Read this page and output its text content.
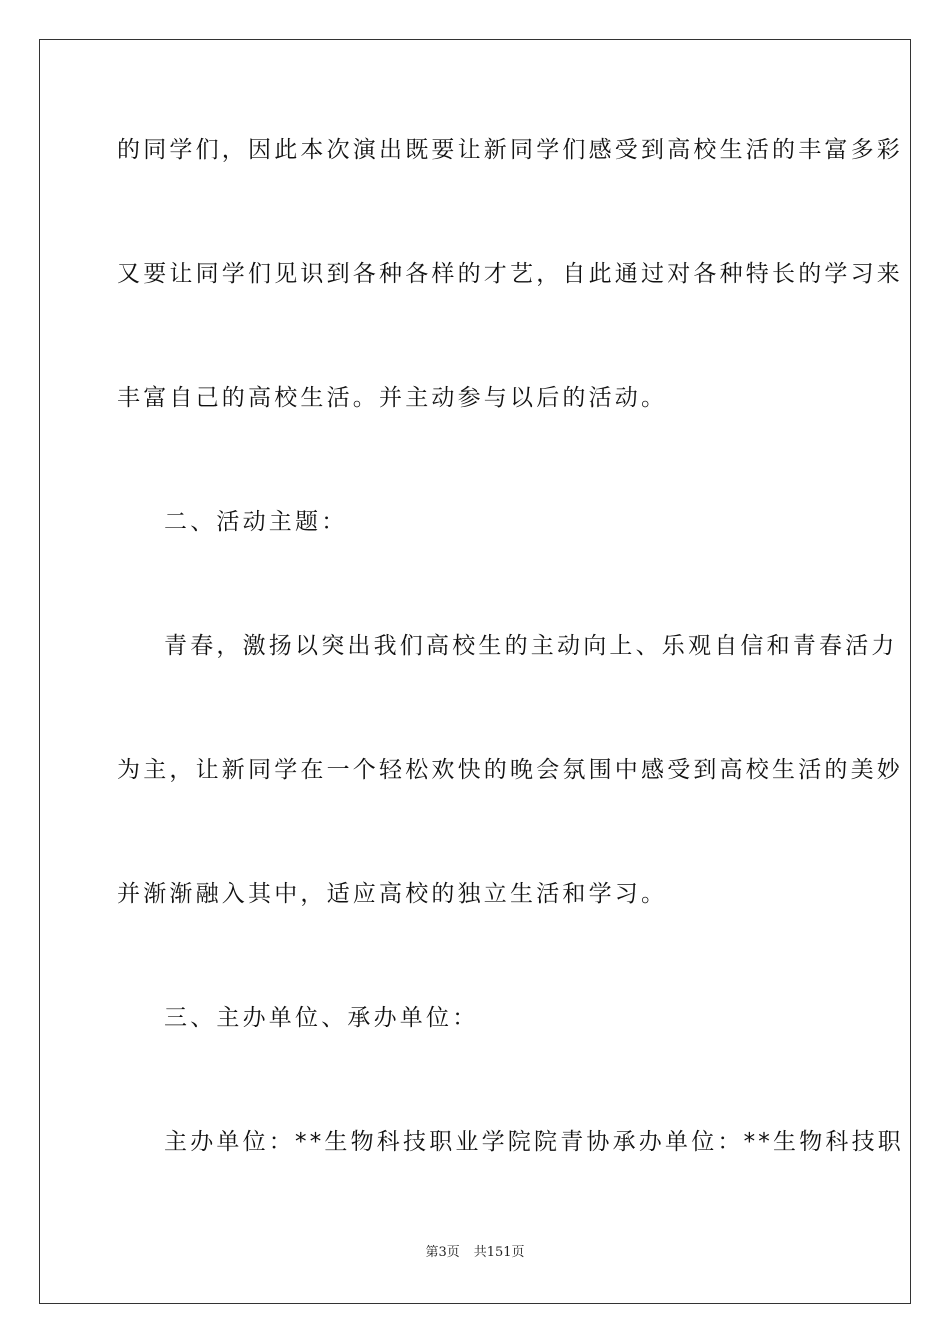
的同学们，因此本次演出既要让新同学们感受到高校生活的丰富多彩
又要让同学们见识到各种各样的才艺，自此通过对各种特长的学习来
丰富自己的高校生活。并主动参与以后的活动。
二、活动主题：
青春，激扬以突出我们高校生的主动向上、乐观自信和青春活力
为主，让新同学在一个轻松欢快的晚会氛围中感受到高校生活的美妙
并渐渐融入其中，适应高校的独立生活和学习。
三、主办单位、承办单位：
主办单位：**生物科技职业学院院青协承办单位：**生物科技职
第3页 共151页
